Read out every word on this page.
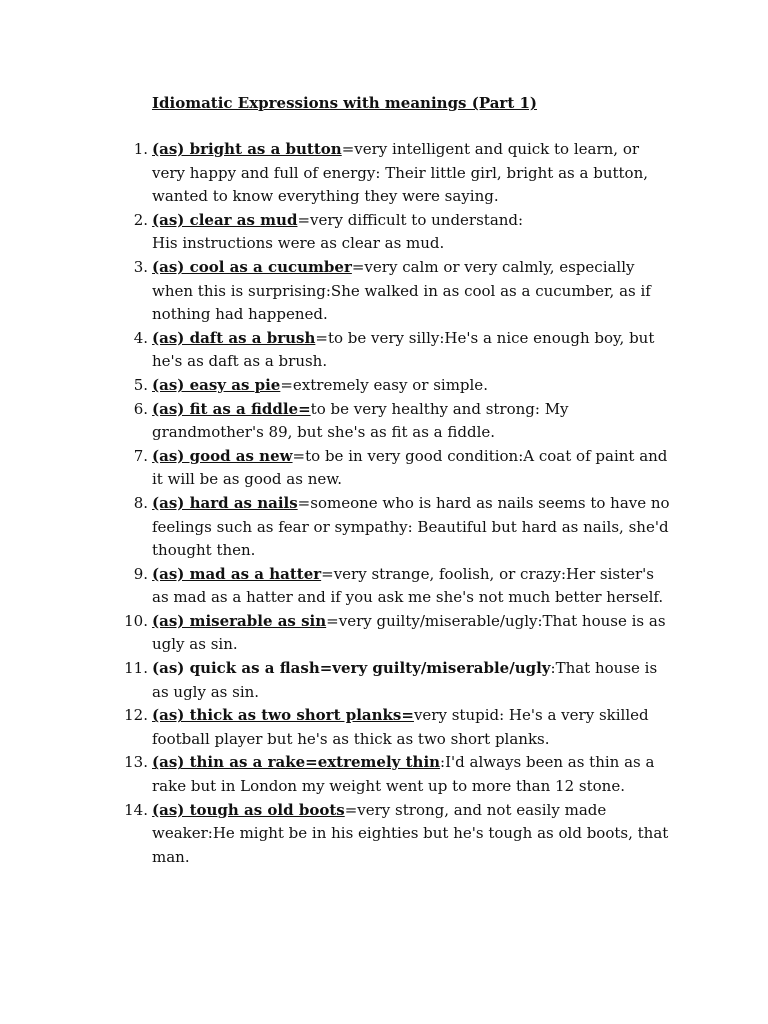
Idiomatic Expressions with meanings (Part 1)
1. (as) bright as a button=very intelligent and quick to learn, or very happy and full of energy: Their little girl, bright as a button, wanted to know everything they were saying.
2. (as) clear as mud=very difficult to understand:
His instructions were as clear as mud.
3. (as) cool as a cucumber=very calm or very calmly, especially when this is surprising:She walked in as cool as a cucumber, as if nothing had happened.
4. (as) daft as a brush=to be very silly:He's a nice enough boy, but he's as daft as a brush.
5. (as) easy as pie=extremely easy or simple.
6. (as) fit as a fiddle=to be very healthy and strong: My grandmother's 89, but she's as fit as a fiddle.
7. (as) good as new=to be in very good condition:A coat of paint and it will be as good as new.
8. (as) hard as nails=someone who is hard as nails seems to have no feelings such as fear or sympathy: Beautiful but hard as nails, she'd thought then.
9. (as) mad as a hatter=very strange, foolish, or crazy:Her sister's as mad as a hatter and if you ask me she's not much better herself.
10. (as) miserable as sin=very guilty/miserable/ugly:That house is as ugly as sin.
11. (as) quick as a flash=very guilty/miserable/ugly:That house is as ugly as sin.
12. (as) thick as two short planks=very stupid: He's a very skilled football player but he's as thick as two short planks.
13. (as) thin as a rake=extremely thin:I'd always been as thin as a rake but in London my weight went up to more than 12 stone.
14. (as) tough as old boots=very strong, and not easily made weaker:He might be in his eighties but he's tough as old boots, that man.
